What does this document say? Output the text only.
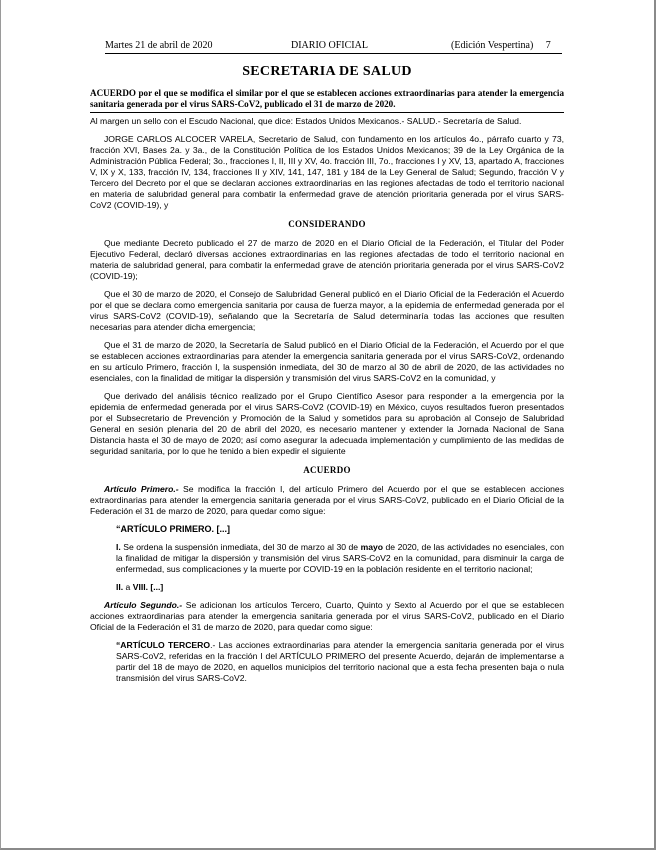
Martes 21 de abril de 2020	DIARIO OFICIAL	(Edición Vespertina) 7
SECRETARIA DE SALUD
ACUERDO por el que se modifica el similar por el que se establecen acciones extraordinarias para atender la emergencia sanitaria generada por el virus SARS-CoV2, publicado el 31 de marzo de 2020.

Al margen un sello con el Escudo Nacional, que dice: Estados Unidos Mexicanos.- SALUD.- Secretaría de Salud.

JORGE CARLOS ALCOCER VARELA, Secretario de Salud, con fundamento en los artículos 4o., párrafo cuarto y 73, fracción XVI, Bases 2a. y 3a., de la Constitución Política de los Estados Unidos Mexicanos; 39 de la Ley Orgánica de la Administración Pública Federal; 3o., fracciones I, II, III y XV, 4o. fracción III, 7o., fracciones I y XV, 13, apartado A, fracciones V, IX y X, 133, fracción IV, 134, fracciones II y XIV, 141, 147, 181 y 184 de la Ley General de Salud; Segundo, fracción V y Tercero del Decreto por el que se declaran acciones extraordinarias en las regiones afectadas de todo el territorio nacional en materia de salubridad general para combatir la enfermedad grave de atención prioritaria generada por el virus SARS-CoV2 (COVID-19), y

CONSIDERANDO

Que mediante Decreto publicado el 27 de marzo de 2020 en el Diario Oficial de la Federación, el Titular del Poder Ejecutivo Federal, declaró diversas acciones extraordinarias en las regiones afectadas de todo el territorio nacional en materia de salubridad general, para combatir la enfermedad grave de atención prioritaria generada por el virus SARS-CoV2 (COVID-19);

Que el 30 de marzo de 2020, el Consejo de Salubridad General publicó en el Diario Oficial de la Federación el Acuerdo por el que se declara como emergencia sanitaria por causa de fuerza mayor, a la epidemia de enfermedad generada por el virus SARS-CoV2 (COVID-19), señalando que la Secretaría de Salud determinaría todas las acciones que resulten necesarias para atender dicha emergencia;

Que el 31 de marzo de 2020, la Secretaría de Salud publicó en el Diario Oficial de la Federación, el Acuerdo por el que se establecen acciones extraordinarias para atender la emergencia sanitaria generada por el virus SARS-CoV2, ordenando en su artículo Primero, fracción I, la suspensión inmediata, del 30 de marzo al 30 de abril de 2020, de las actividades no esenciales, con la finalidad de mitigar la dispersión y transmisión del virus SARS-CoV2 en la comunidad, y

Que derivado del análisis técnico realizado por el Grupo Científico Asesor para responder a la emergencia por la epidemia de enfermedad generada por el virus SARS-CoV2 (COVID-19) en México, cuyos resultados fueron presentados por el Subsecretario de Prevención y Promoción de la Salud y sometidos para su aprobación al Consejo de Salubridad General en sesión plenaria del 20 de abril del 2020, es necesario mantener y extender la Jornada Nacional de Sana Distancia hasta el 30 de mayo de 2020; así como asegurar la adecuada implementación y cumplimiento de las medidas de seguridad sanitaria, por lo que he tenido a bien expedir el siguiente

ACUERDO

Artículo Primero.- Se modifica la fracción I, del artículo Primero del Acuerdo por el que se establecen acciones extraordinarias para atender la emergencia sanitaria generada por el virus SARS-CoV2, publicado en el Diario Oficial de la Federación el 31 de marzo de 2020, para quedar como sigue:

“ARTÍCULO PRIMERO. [...]

I. Se ordena la suspensión inmediata, del 30 de marzo al 30 de mayo de 2020, de las actividades no esenciales, con la finalidad de mitigar la dispersión y transmisión del virus SARS-CoV2 en la comunidad, para disminuir la carga de enfermedad, sus complicaciones y la muerte por COVID-19 en la población residente en el territorio nacional;

II. a VIII. [...]

Artículo Segundo.- Se adicionan los artículos Tercero, Cuarto, Quinto y Sexto al Acuerdo por el que se establecen acciones extraordinarias para atender la emergencia sanitaria generada por el virus SARS-CoV2, publicado en el Diario Oficial de la Federación el 31 de marzo de 2020, para quedar como sigue:

“ARTÍCULO TERCERO.- Las acciones extraordinarias para atender la emergencia sanitaria generada por el virus SARS-CoV2, referidas en la fracción I del ARTÍCULO PRIMERO del presente Acuerdo, dejarán de implementarse a partir del 18 de mayo de 2020, en aquellos municipios del territorio nacional que a esta fecha presenten baja o nula transmisión del virus SARS-CoV2.
